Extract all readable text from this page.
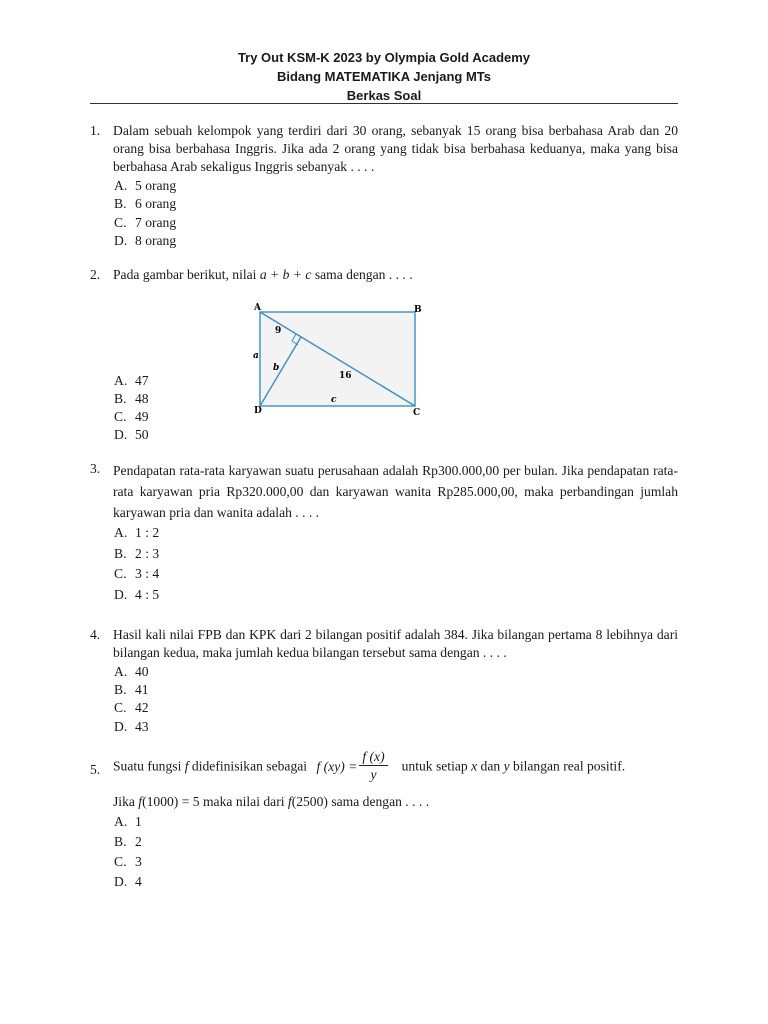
Try Out KSM-K 2023 by Olympia Gold Academy
Bidang MATEMATIKA Jenjang MTs
Berkas Soal
1. Dalam sebuah kelompok yang terdiri dari 30 orang, sebanyak 15 orang bisa berbahasa Arab dan 20 orang bisa berbahasa Inggris. Jika ada 2 orang yang tidak bisa berbahasa keduanya, maka yang bisa berbahasa Arab sekaligus Inggris sebanyak . . . .
A. 5 orang
B. 6 orang
C. 7 orang
D. 8 orang
2. Pada gambar berikut, nilai a + b + c sama dengan . . . .
A	B
C
D
9
16
a
b
c
A. 47
B. 48
C. 49
D. 50
3. Pendapatan rata-rata karyawan suatu perusahaan adalah Rp300.000,00 per bulan. Jika pendapatan rata-rata karyawan pria Rp320.000,00 dan karyawan wanita Rp285.000,00, maka perbandingan jumlah karyawan pria dan wanita adalah . . . .
A. 1 : 2
B. 2 : 3
C. 3 : 4
D. 4 : 5
4. Hasil kali nilai FPB dan KPK dari 2 bilangan positif adalah 384. Jika bilangan pertama 8 lebihnya dari bilangan kedua, maka jumlah kedua bilangan tersebut sama dengan . . . .
A. 40
B. 41
C. 42
D. 43
5. Suatu fungsi f didefinisikan sebagai f $(xy) = \frac{f (x)}{y}$ untuk setiap x dan y bilangan real positif.
Jika f(1000) = 5 maka nilai dari f(2500) sama dengan . . . .
A. 1
B. 2
C. 3
D. 4
